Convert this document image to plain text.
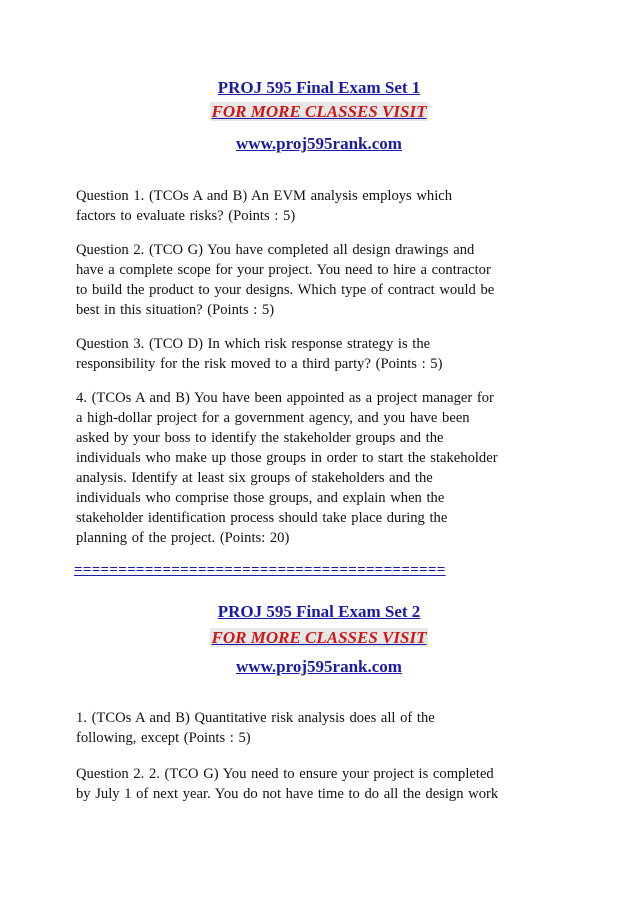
PROJ 595 Final Exam Set 1
FOR MORE CLASSES VISIT
www.proj595rank.com
Question 1. (TCOs A and B) An EVM analysis employs which
factors to evaluate risks? (Points : 5)
Question 2. (TCO G) You have completed all design drawings and
have a complete scope for your project. You need to hire a contractor
to build the product to your designs. Which type of contract would be
best in this situation? (Points : 5)
Question 3. (TCO D) In which risk response strategy is the
responsibility for the risk moved to a third party? (Points : 5)
4. (TCOs A and B) You have been appointed as a project manager for
a high-dollar project for a government agency, and you have been
asked by your boss to identify the stakeholder groups and the
individuals who make up those groups in order to start the stakeholder
analysis. Identify at least six groups of stakeholders and the
individuals who comprise those groups, and explain when the
stakeholder identification process should take place during the
planning of the project. (Points: 20)
==========================================
PROJ 595 Final Exam Set 2
FOR MORE CLASSES VISIT
www.proj595rank.com
1. (TCOs A and B) Quantitative risk analysis does all of the
following, except (Points : 5)
Question 2. 2. (TCO G) You need to ensure your project is completed
by July 1 of next year. You do not have time to do all the design work
